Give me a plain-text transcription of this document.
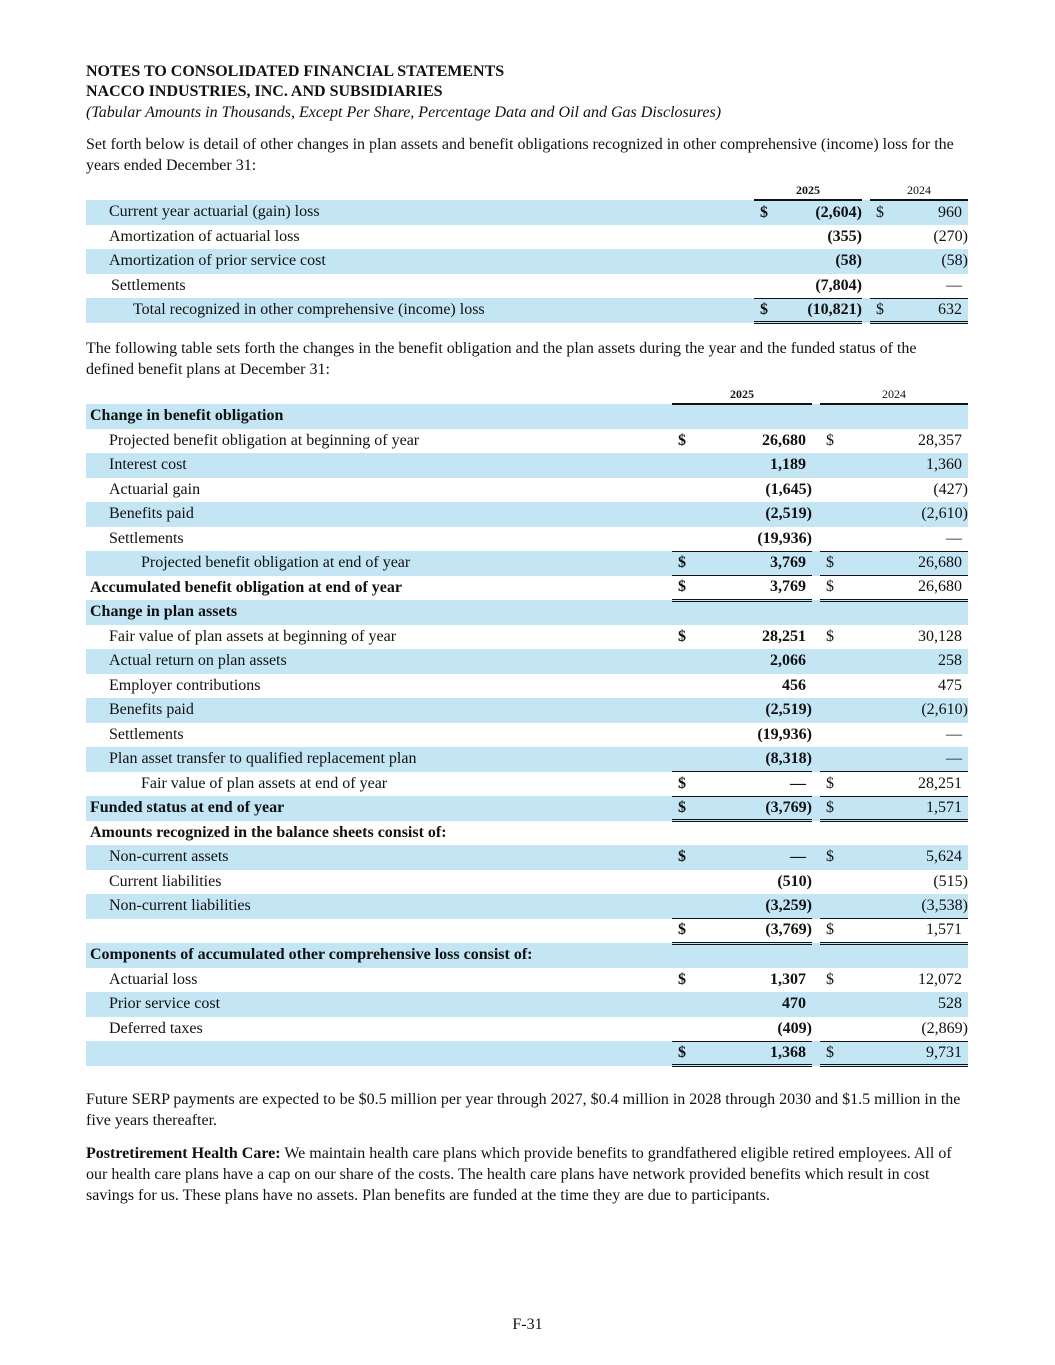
NOTES TO CONSOLIDATED FINANCIAL STATEMENTS
NACCO INDUSTRIES, INC. AND SUBSIDIARIES
(Tabular Amounts in Thousands, Except Per Share, Percentage Data and Oil and Gas Disclosures)

Set forth below is detail of other changes in plan assets and benefit obligations recognized in other comprehensive (income) loss for the years ended December 31:

	2025			2024	
Current year actuarial (gain) loss	$	(2,604)		$	960
Amortization of actuarial loss		(355)			(270)
Amortization of prior service cost		(58)			(58)
Settlements		(7,804)			—
Total recognized in other comprehensive (income) loss	$	(10,821)		$	632

The following table sets forth the changes in the benefit obligation and the plan assets during the year and the funded status of the defined benefit plans at December 31:

	2025			2024	
Change in benefit obligation					
Projected benefit obligation at beginning of year	$	26,680		$	28,357
Interest cost		1,189			1,360
Actuarial gain		(1,645)			(427)
Benefits paid		(2,519)			(2,610)
Settlements		(19,936)			—
Projected benefit obligation at end of year	$	3,769		$	26,680
Accumulated benefit obligation at end of year	$	3,769		$	26,680
Change in plan assets					
Fair value of plan assets at beginning of year	$	28,251		$	30,128
Actual return on plan assets		2,066			258
Employer contributions		456			475
Benefits paid		(2,519)			(2,610)
Settlements		(19,936)			—
Plan asset transfer to qualified replacement plan		(8,318)			—
Fair value of plan assets at end of year	$	—		$	28,251
Funded status at end of year	$	(3,769)		$	1,571
Amounts recognized in the balance sheets consist of:					
Non-current assets	$	—		$	5,624
Current liabilities		(510)			(515)
Non-current liabilities		(3,259)			(3,538)
	$	(3,769)		$	1,571
Components of accumulated other comprehensive loss consist of:					
Actuarial loss	$	1,307		$	12,072
Prior service cost		470			528
Deferred taxes		(409)			(2,869)
	$	1,368		$	9,731

Future SERP payments are expected to be $0.5 million per year through 2027, $0.4 million in 2028 through 2030 and $1.5 million in the five years thereafter.

Postretirement Health Care: We maintain health care plans which provide benefits to grandfathered eligible retired employees. All of our health care plans have a cap on our share of the costs. The health care plans have network provided benefits which result in cost savings for us. These plans have no assets. Plan benefits are funded at the time they are due to participants.

F-31
